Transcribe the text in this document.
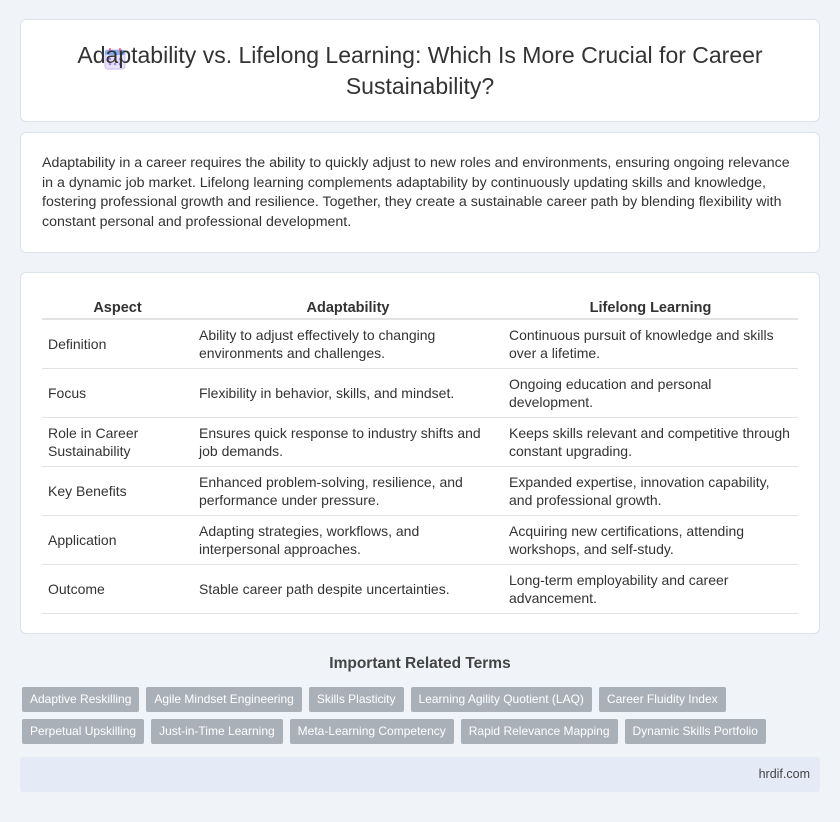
Adaptability vs. Lifelong Learning: Which Is More Crucial for Career Sustainability?

Adaptability in a career requires the ability to quickly adjust to new roles and environments, ensuring ongoing relevance in a dynamic job market. Lifelong learning complements adaptability by continuously updating skills and knowledge, fostering professional growth and resilience. Together, they create a sustainable career path by blending flexibility with constant personal and professional development.

Aspect	Adaptability	Lifelong Learning
Definition	Ability to adjust effectively to changing environments and challenges.	Continuous pursuit of knowledge and skills over a lifetime.
Focus	Flexibility in behavior, skills, and mindset.	Ongoing education and personal development.
Role in Career Sustainability	Ensures quick response to industry shifts and job demands.	Keeps skills relevant and competitive through constant upgrading.
Key Benefits	Enhanced problem-solving, resilience, and performance under pressure.	Expanded expertise, innovation capability, and professional growth.
Application	Adapting strategies, workflows, and interpersonal approaches.	Acquiring new certifications, attending workshops, and self-study.
Outcome	Stable career path despite uncertainties.	Long-term employability and career advancement.
Important Related Terms
Adaptive Reskilling	Agile Mindset Engineering	Skills Plasticity	Learning Agility Quotient (LAQ)	Career Fluidity Index
Perpetual Upskilling	Just-in-Time Learning	Meta-Learning Competency	Rapid Relevance Mapping	Dynamic Skills Portfolio
hrdif.com
